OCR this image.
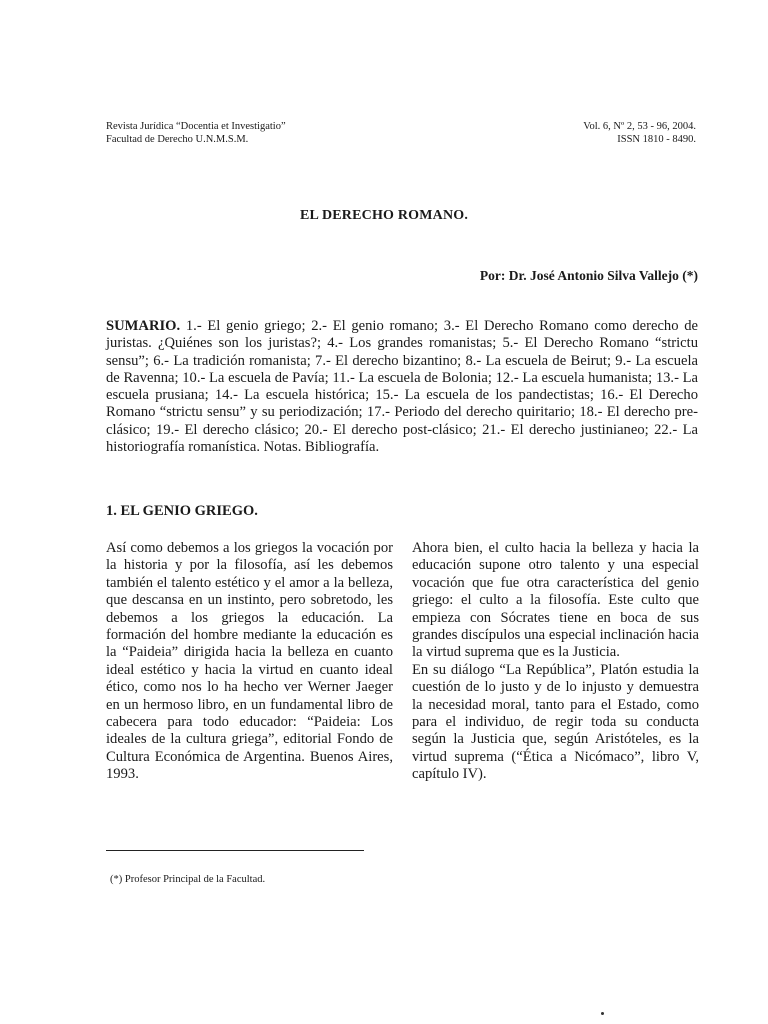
Revista Jurídica “Docentia et Investigatio”
Facultad de Derecho U.N.M.S.M.
Vol. 6, Nº 2, 53 - 96, 2004.
ISSN 1810 - 8490.
EL DERECHO ROMANO.
Por: Dr. José Antonio Silva Vallejo (*)
SUMARIO. 1.- El genio griego; 2.- El genio romano; 3.- El Derecho Romano como derecho de juristas. ¿Quiénes son los juristas?; 4.- Los grandes romanistas; 5.- El Derecho Romano “strictu sensu”; 6.- La tradición romanista; 7.- El derecho bizantino; 8.- La escuela de Beirut; 9.- La escuela de Ravenna; 10.- La escuela de Pavía; 11.- La escuela de Bolonia; 12.- La escuela humanista; 13.- La escuela prusiana; 14.- La escuela histórica; 15.- La escuela de los pandectistas; 16.- El Derecho Romano “strictu sensu” y su periodización; 17.- Periodo del derecho quiritario; 18.- El derecho pre-clásico; 19.- El derecho clásico; 20.- El derecho post-clásico; 21.- El derecho justinianeo; 22.- La historiografía romanística. Notas. Bibliografía.
1. EL GENIO GRIEGO.

Así como debemos a los griegos la vocación por la historia y por la filosofía, así les debemos también el talento estético y el amor a la belleza, que descansa en un instinto, pero sobretodo, les debemos a los griegos la educación. La formación del hombre mediante la educación es la “Paideia” dirigida hacia la belleza en cuanto ideal estético y hacia la virtud en cuanto ideal ético, como nos lo ha hecho ver Werner Jaeger en un hermoso libro, en un fundamental libro de cabecera para todo educador: “Paideia: Los ideales de la cultura griega”, editorial Fondo de Cultura Económica de Argentina. Buenos Aires, 1993.

Ahora bien, el culto hacia la belleza y hacia la educación supone otro talento y una especial vocación que fue otra característica del genio griego: el culto a la filosofía. Este culto que empieza con Sócrates tiene en boca de sus grandes discípulos una especial inclinación hacia la virtud suprema que es la Justicia.

En su diálogo “La República”, Platón estudia la cuestión de lo justo y de lo injusto y demuestra la necesidad moral, tanto para el Estado, como para el individuo, de regir toda su conducta según la Justicia que, según Aristóteles, es la virtud suprema (“Ética a Nicómaco”, libro V, capítulo IV).

(*) Profesor Principal de la Facultad.
